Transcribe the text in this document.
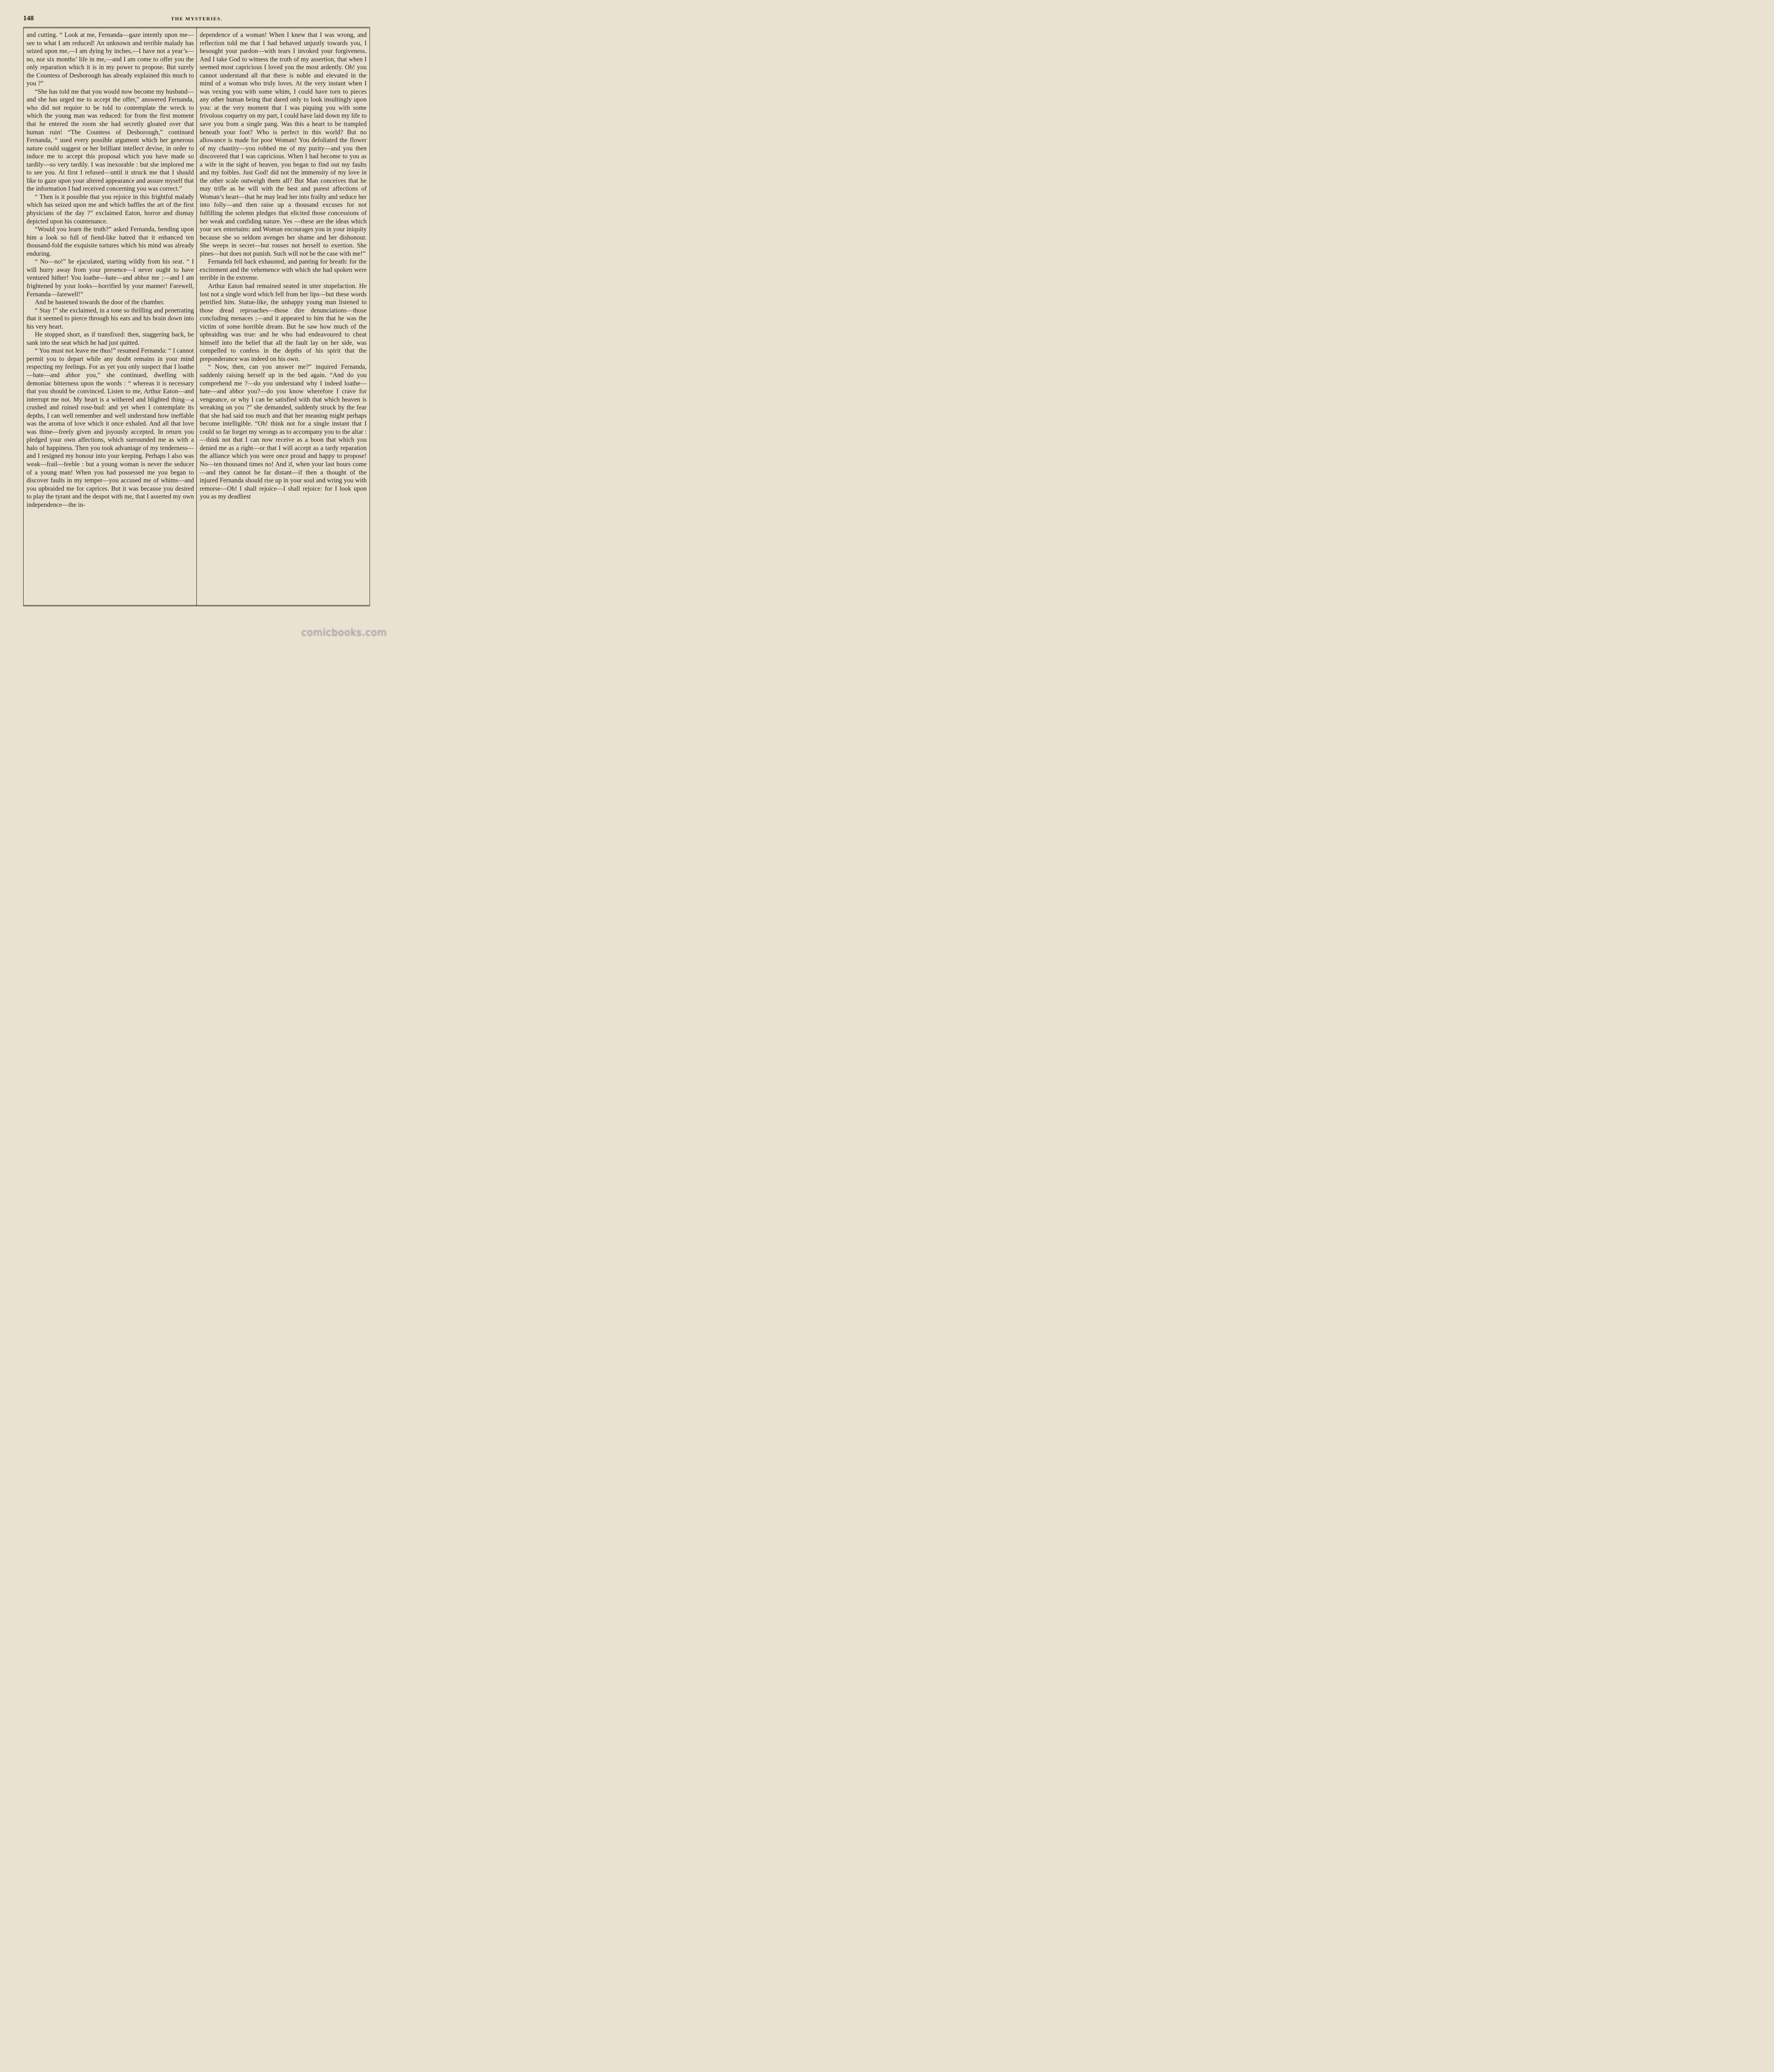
148	THE MYSTERIES.

and cutting. “ Look at me, Fernanda—gaze intently upon me—see to what I am reduced! An unknown and terrible malady has seized upon me,—I am dying by inches,—I have not a year’s—no, nor six months’ life in me,—and I am come to offer you the only reparation which it is in my power to propose. But surely the Countess of Desborough has already explained this much to you ?”

“She has told me that you would now become my husband—and she has urged me to accept the offer,” answered Fernanda, who did not require to be told to contemplate the wreck to which the young man was reduced: for from the first moment that he entered the room she had secretly gloated over that human ruin! “The Countess of Desborough,” continued Fernanda, “ used every possible argument which her generous nature could suggest or her brilliant intellect devise, in order to induce me to accept this proposal which you have made so tardily—so very tardily. I was inexorable : but she implored me to see you. At first I refused—until it struck me that I should like to gaze upon your altered appearance and assure myself that the information I had received concerning you was correct.”

“ Then is it possible that you rejoice in this frightful malady which has seized upon me and which baffles the art of the first physicians of the day ?” exclaimed Eaton, horror and dismay depicted upon his countenance.

“Would you learn the truth?” asked Fernanda, bending upon him a look so full of fiend-like hatred that it enhanced ten thousand-fold the exquisite tortures which his mind was already enduring.

“ No—no!” he ejaculated, starting wildly from his seat. “ I will hurry away from your presence—I never ought to have ventured hither! You loathe—hate—and abhor me ;—and I am frightened by your looks—horrified by your manner! Farewell, Fernanda—farewell!”

And he hastened towards the door of the chamber.

“ Stay !” she exclaimed, in a tone so thrilling and penetrating that it seemed to pierce through his ears and his brain down into his very heart.

He stopped short, as if transfixed: then, staggering back, he sank into the seat which he had just quitted.

“ You must not leave me thus!” resumed Fernanda: “ I cannot permit you to depart while any doubt remains in your mind respecting my feelings. For as yet you only suspect that I loathe—hate—and abhor you,” she continued, dwelling with demoniac bitterness upon the words : “ whereas it is necessary that you should be convinced. Listen to me, Arthur Eaton—and interrupt me not. My heart is a withered and blighted thing—a crushed and ruined rose-bud: and yet when I contemplate its depths, I can well remember and well understand how ineffable was the aroma of love which it once exhaled. And all that love was thine—freely given and joyously accepted. In return you pledged your own affections, which surrounded me as with a halo of happiness. Then you took advantage of my tenderness—and I resigned my honour into your keeping. Perhaps I also was weak—frail—feeble : but a young woman is never the seducer of a young man! When you had possessed me you began to discover faults in my temper—you accused me of whims—and you upbraided me for caprices. But it was because you desired to play the tyrant and the despot with me, that I asserted my own independence—the in-

dependence of a woman! When I knew that I was wrong, and reflection told me that I had behaved unjustly towards you, I besought your pardon—with tears I invoked your forgiveness. And I take God to witness the truth of my assertion, that when I seemed most capricious I loved you the most ardently. Oh! you cannot understand all that there is noble and elevated in the mind of a woman who truly loves. At the very instant when I was vexing you with some whim, I could have torn to pieces any other human being that dared only to look insultingly upon you: at the very moment that I was piquing you with some frivolous coquetry on my part, I could have laid down my life to save you from a single pang. Was this a heart to be trampled beneath your foot? Who is perfect in this world? But no allowance is made for poor Woman! You defoliated the flower of my chastity—you robbed me of my purity—and you then discovered that I was capricious. When I had become to you as a wife in the sight of heaven, you began to find out my faults and my foibles. Just God! did not the immensity of my love in the other scale outweigh them all? But Man conceives that he may trifle as he will with the best and purest affections of Woman’s heart—that he may lead her into frailty and seduce her into folly—and then raise up a thousand excuses for not fulfilling the solemn pledges that elicited those concessions of her weak and confiding nature. Yes —these are the ideas which your sex entertains: and Woman encourages you in your iniquity because she so seldom avenges her shame and her dishonour. She weeps in secret—but rouses not herself to exertion. She pines—but does not punish. Such will not be the case with me!”

Fernanda fell back exhausted, and panting for breath: for the excitement and the vehemence with which she had spoken were terrible in the extreme.

Arthur Eaton had remained seated in utter stupefaction. He lost not a single word which fell from her lips—but these words petrified him. Statue-like, the unhappy young man listened to those dread reproaches—those dire denunciations—those concluding menaces ;—and it appeared to him that he was the victim of some horrible dream. But he saw how much of the upbraiding was true: and he who had endeavoured to cheat himself into the belief that all the fault lay on her side, was compelled to confess in the depths of his spirit that the preponderance was indeed on his own.

“ Now, then, can you answer me?” inquired Fernanda, suddenly raising herself up in the bed again. “And do you comprehend me ?—do you understand why I indeed loathe—hate—and abhor you?—do you know wherefore I crave for vengeance, or why I can be satisfied with that which heaven is wreaking on you ?” she demanded, suddenly struck by the fear that she had said too much and that her meaning might perhaps become intelligible. “Oh! think not for a single instant that I could so far forget my wrongs as to accompany you to the altar :—think not that I can now receive as a boon that which you denied me as a right—or that I will accept as a tardy reparation the alliance which you were once proud and happy to propose! No—ten thousand times no! And if, when your last hours come—and they cannot be far distant—if then a thought of the injured Fernanda should rise up in your soul and wring you with remorse—Oh! I shall rejoice—I shall rejoice: for I look upon you as my deadliest

comicbooks.com
